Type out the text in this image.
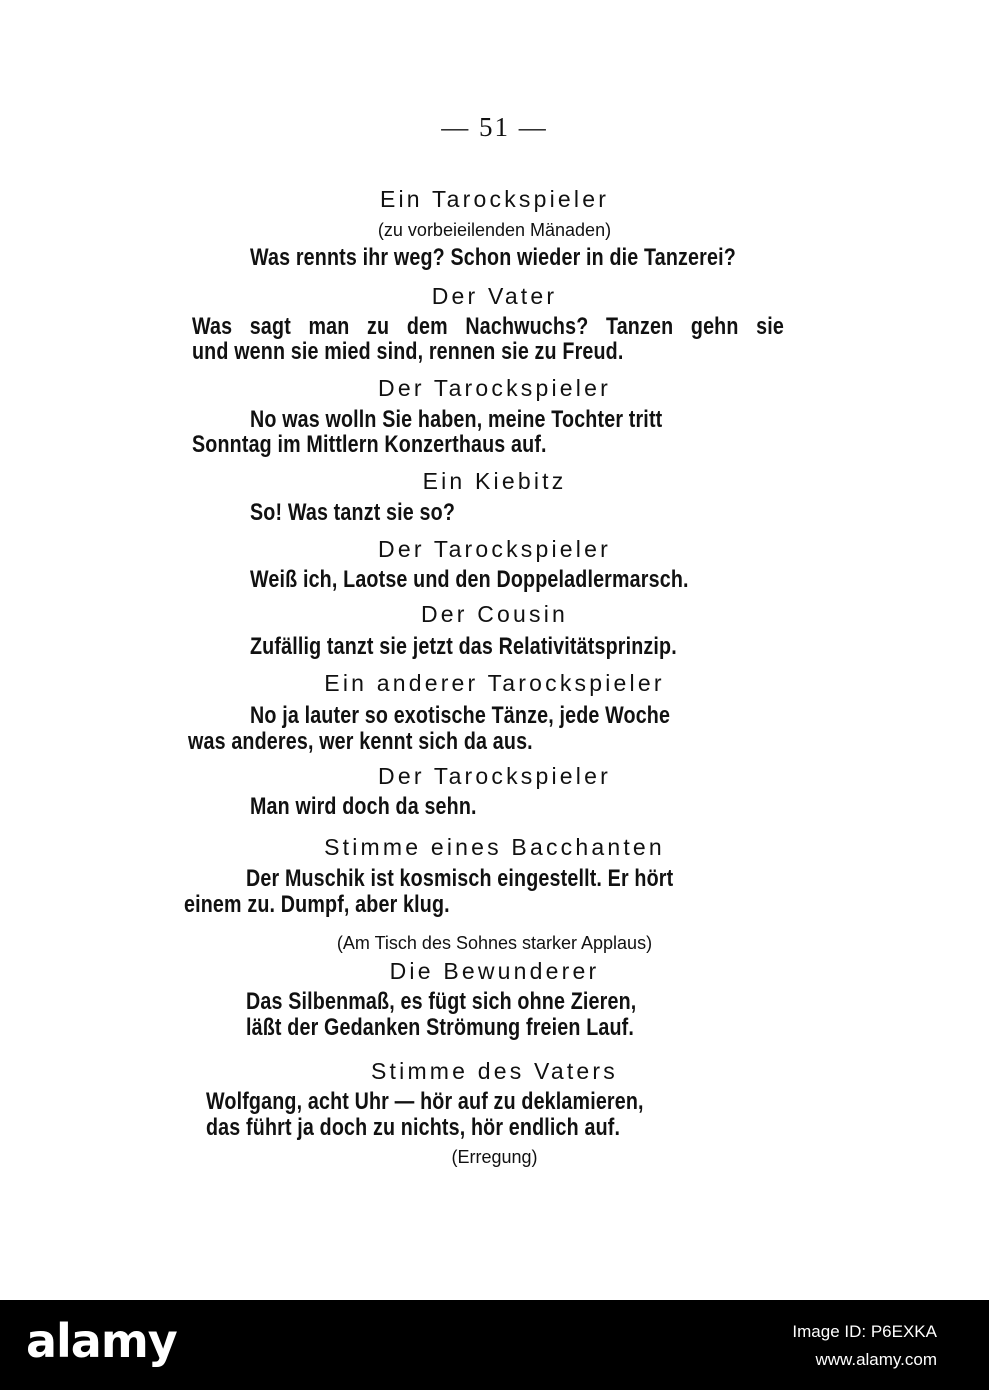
— 51 —
Ein Tarockspieler
(zu vorbeieilenden Mänaden)
Was rennts ihr weg? Schon wieder in die Tanzerei?
Der Vater
Was sagt man zu dem Nachwuchs? Tanzen gehn sie
und wenn sie mied sind, rennen sie zu Freud.
Der Tarockspieler
No was wolln Sie haben, meine Tochter tritt
Sonntag im Mittlern Konzerthaus auf.
Ein Kiebitz
So! Was tanzt sie so?
Der Tarockspieler
Weiß ich, Laotse und den Doppeladlermarsch.
Der Cousin
Zufällig tanzt sie jetzt das Relativitätsprinzip.
Ein anderer Tarockspieler
No ja lauter so exotische Tänze, jede Woche
was anderes, wer kennt sich da aus.
Der Tarockspieler
Man wird doch da sehn.
Stimme eines Bacchanten
Der Muschik ist kosmisch eingestellt. Er hört
einem zu. Dumpf, aber klug.
(Am Tisch des Sohnes starker Applaus)
Die Bewunderer
Das Silbenmaß, es fügt sich ohne Zieren,
läßt der Gedanken Strömung freien Lauf.
Stimme des Vaters
Wolfgang, acht Uhr — hör auf zu deklamieren,
das führt ja doch zu nichts, hör endlich auf.
(Erregung)
alamy	Image ID: P6EXKA
www.alamy.com
